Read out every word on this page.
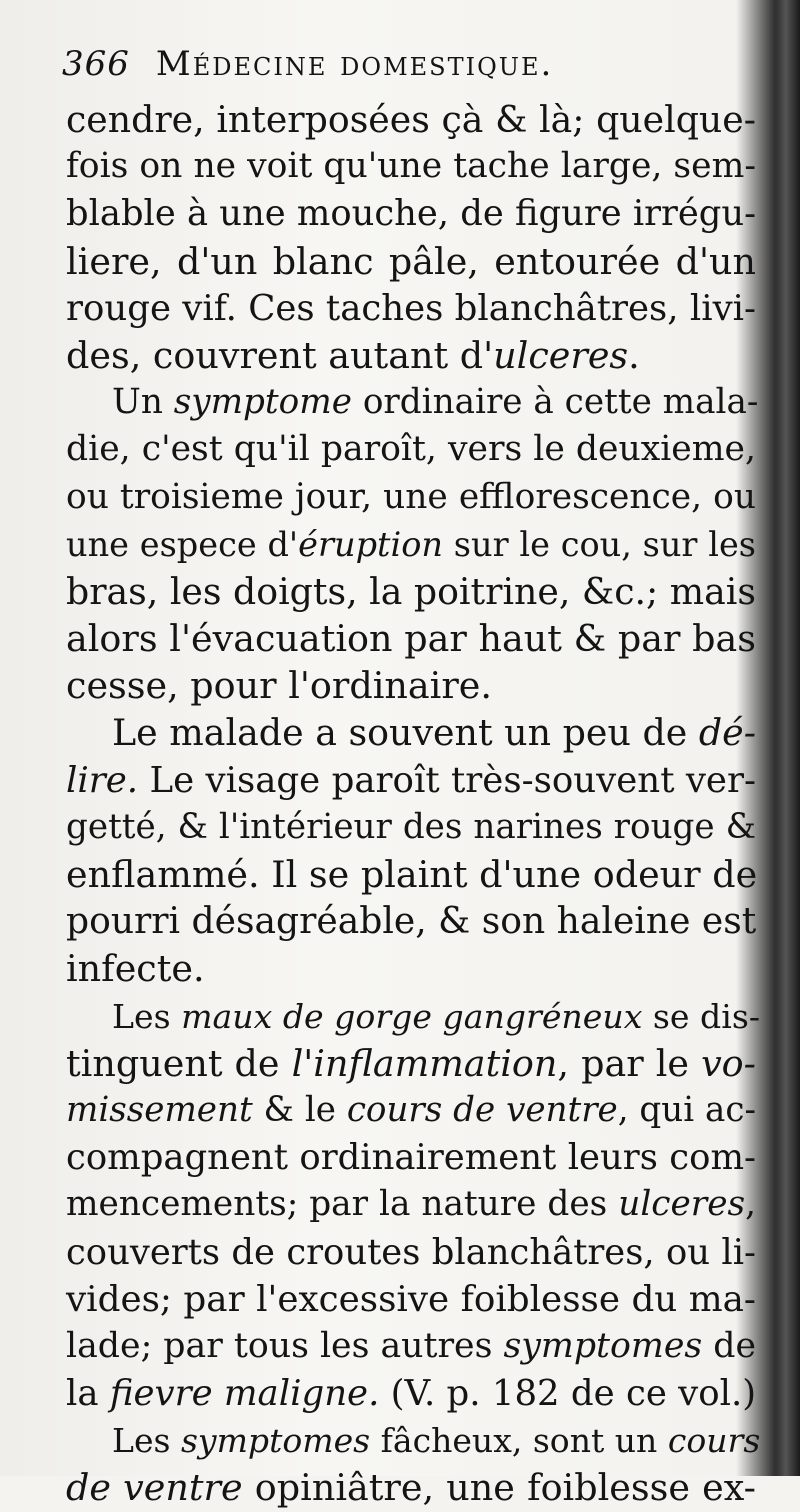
366 Médecine domestique.
cendre, interposées çà & là; quelque-
fois on ne voit qu'une tache large, sem-
blable à une mouche, de figure irrégu-
liere, d'un blanc pâle, entourée d'un
rouge vif. Ces taches blanchâtres, livi-
des, couvrent autant d'ulceres.
Un symptome ordinaire à cette mala-
die, c'est qu'il paroît, vers le deuxieme,
ou troisieme jour, une efflorescence, ou
une espece d'éruption sur le cou, sur les
bras, les doigts, la poitrine, &c.; mais
alors l'évacuation par haut & par bas
cesse, pour l'ordinaire.
Le malade a souvent un peu de dé-
lire. Le visage paroît très-souvent ver-
getté, & l'intérieur des narines rouge &
enflammé. Il se plaint d'une odeur de
pourri désagréable, & son haleine est
infecte.
Les maux de gorge gangréneux se dis-
tinguent de l'inflammation, par le vo-
missement & le cours de ventre, qui ac-
compagnent ordinairement leurs com-
mencements; par la nature des ulceres,
couverts de croutes blanchâtres, ou li-
vides; par l'excessive foiblesse du ma-
lade; par tous les autres symptomes de
la fievre maligne. (V. p. 182 de ce vol.)
Les symptomes fâcheux, sont un cours
de ventre opiniâtre, une foiblesse ex-
